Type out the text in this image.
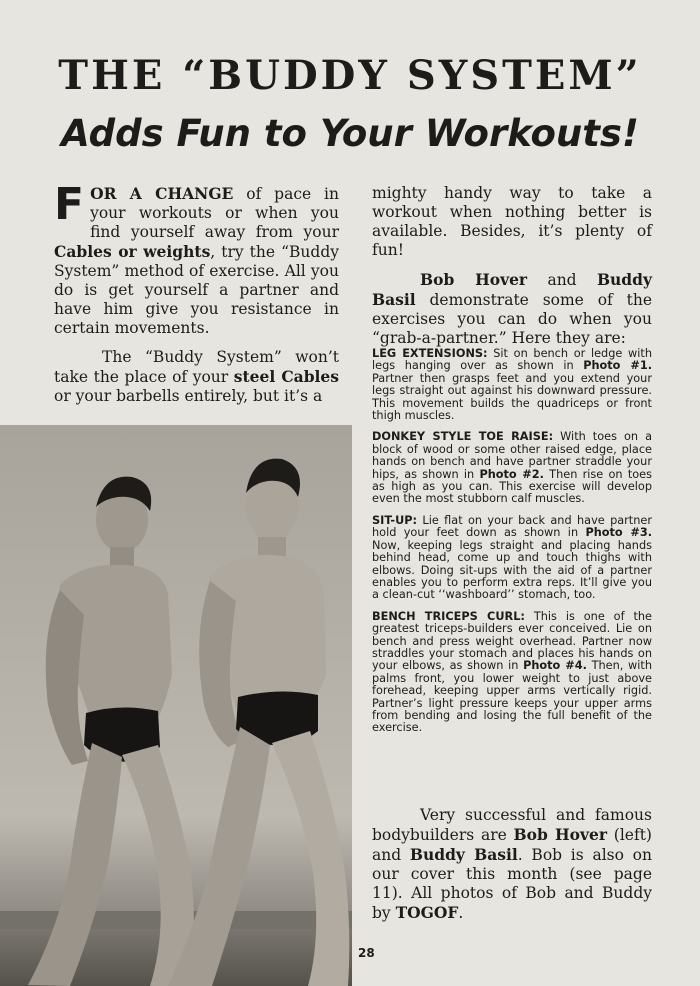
THE “BUDDY SYSTEM”
Adds Fun to Your Workouts!

FOR A CHANGE of pace in your workouts or when you find yourself away from your Cables or weights, try the “Buddy System” method of exercise. All you do is get yourself a partner and have him give you resistance in certain movements.

The “Buddy System” won’t take the place of your steel Cables or your barbells entirely, but it’s a

mighty handy way to take a workout when nothing better is available. Besides, it’s plenty of fun!

Bob Hover and Buddy Basil demonstrate some of the exercises you can do when you “grab-a-partner.” Here they are:

LEG EXTENSIONS: Sit on bench or ledge with legs hanging over as shown in Photo #1. Partner then grasps feet and you extend your legs straight out against his downward pressure. This movement builds the quadriceps or front thigh muscles.

DONKEY STYLE TOE RAISE: With toes on a block of wood or some other raised edge, place hands on bench and have partner straddle your hips, as shown in Photo #2. Then rise on toes as high as you can. This exercise will develop even the most stubborn calf muscles.

SIT-UP: Lie flat on your back and have partner hold your feet down as shown in Photo #3. Now, keeping legs straight and placing hands behind head, come up and touch thighs with elbows. Doing sit-ups with the aid of a partner enables you to perform extra reps. It’ll give you a clean-cut ‘‘washboard’’ stomach, too.

BENCH TRICEPS CURL: This is one of the greatest triceps-builders ever conceived. Lie on bench and press weight overhead. Partner now straddles your stomach and places his hands on your elbows, as shown in Photo #4. Then, with palms front, you lower weight to just above forehead, keeping upper arms vertically rigid. Partner’s light pressure keeps your upper arms from bending and losing the full benefit of the exercise.

Very successful and famous bodybuilders are Bob Hover (left) and Buddy Basil. Bob is also on our cover this month (see page 11). All photos of Bob and Buddy by TOGOF.

28
